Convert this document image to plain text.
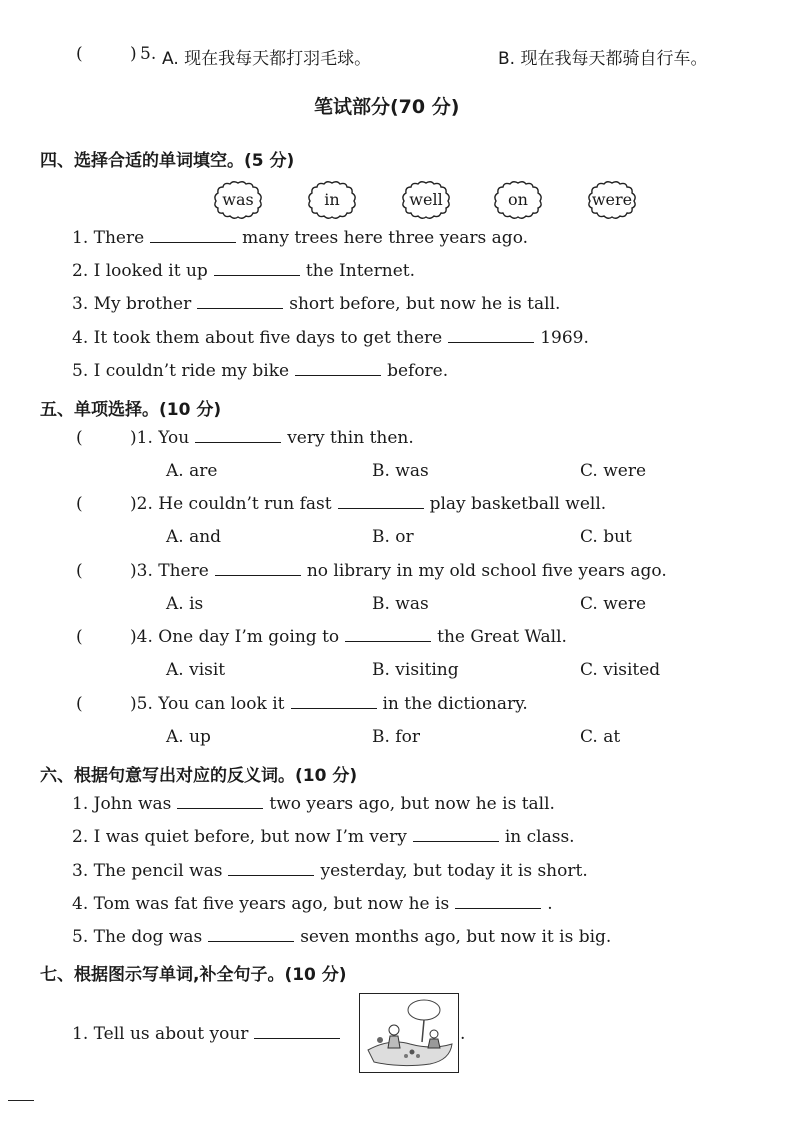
(	) 5. A. 现在我每天都打羽毛球。	B. 现在我每天都骑自行车。
笔试部分(70 分)
四、选择合适的单词填空。(5 分)
was	in	well	on	were
1. There	many trees here three years ago.
2. I looked it up	the Internet.
3. My brother	short before, but now he is tall.
4. It took them about five days to get there	1969.
5. I couldn’t ride my bike	before.
五、单项选择。(10 分)
(	)1. You	very thin then.
A. are	B. was	C. were
(	)2. He couldn’t run fast	play basketball well.
A. and	B. or	C. but
(	)3. There	no library in my old school five years ago.
A. is	B. was	C. were
(	)4. One day I’m going to	the Great Wall.
A. visit	B. visiting	C. visited
(	)5. You can look it	in the dictionary.
A. up	B. for	C. at
六、根据句意写出对应的反义词。(10 分)
1. John was	two years ago, but now he is tall.
2. I was quiet before, but now I’m very	in class.
3. The pencil was	yesterday, but today it is short.
4. Tom was fat five years ago, but now he is	.
5. The dog was	seven months ago, but now it is big.
七、根据图示写单词,补全句子。(10 分)
1. Tell us about your	.
